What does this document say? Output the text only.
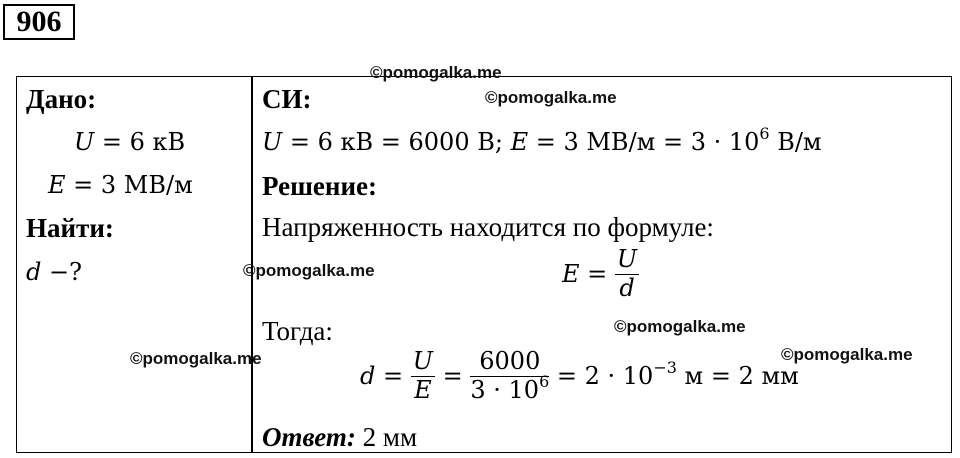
906
Дано:
U = 6 кВ
E = 3 МВ/м
Найти:
d −?
СИ:
U = 6 кВ = 6000 В; E = 3 $МВ/м = 3 \cdot 10^6$ В/м
Решение:
Напряженность находится по формуле:
$E = \frac{U}{d}$
Тогда:
$d = \frac{U}{E} = \frac{6000}{3 \cdot 10^6} = 2 \cdot 10^{-3}$ м = 2 мм
Ответ: 2 мм
©pomogalka.me
©pomogalka.me
©pomogalka.me
©pomogalka.me
©pomogalka.me	©pomogalka.me
